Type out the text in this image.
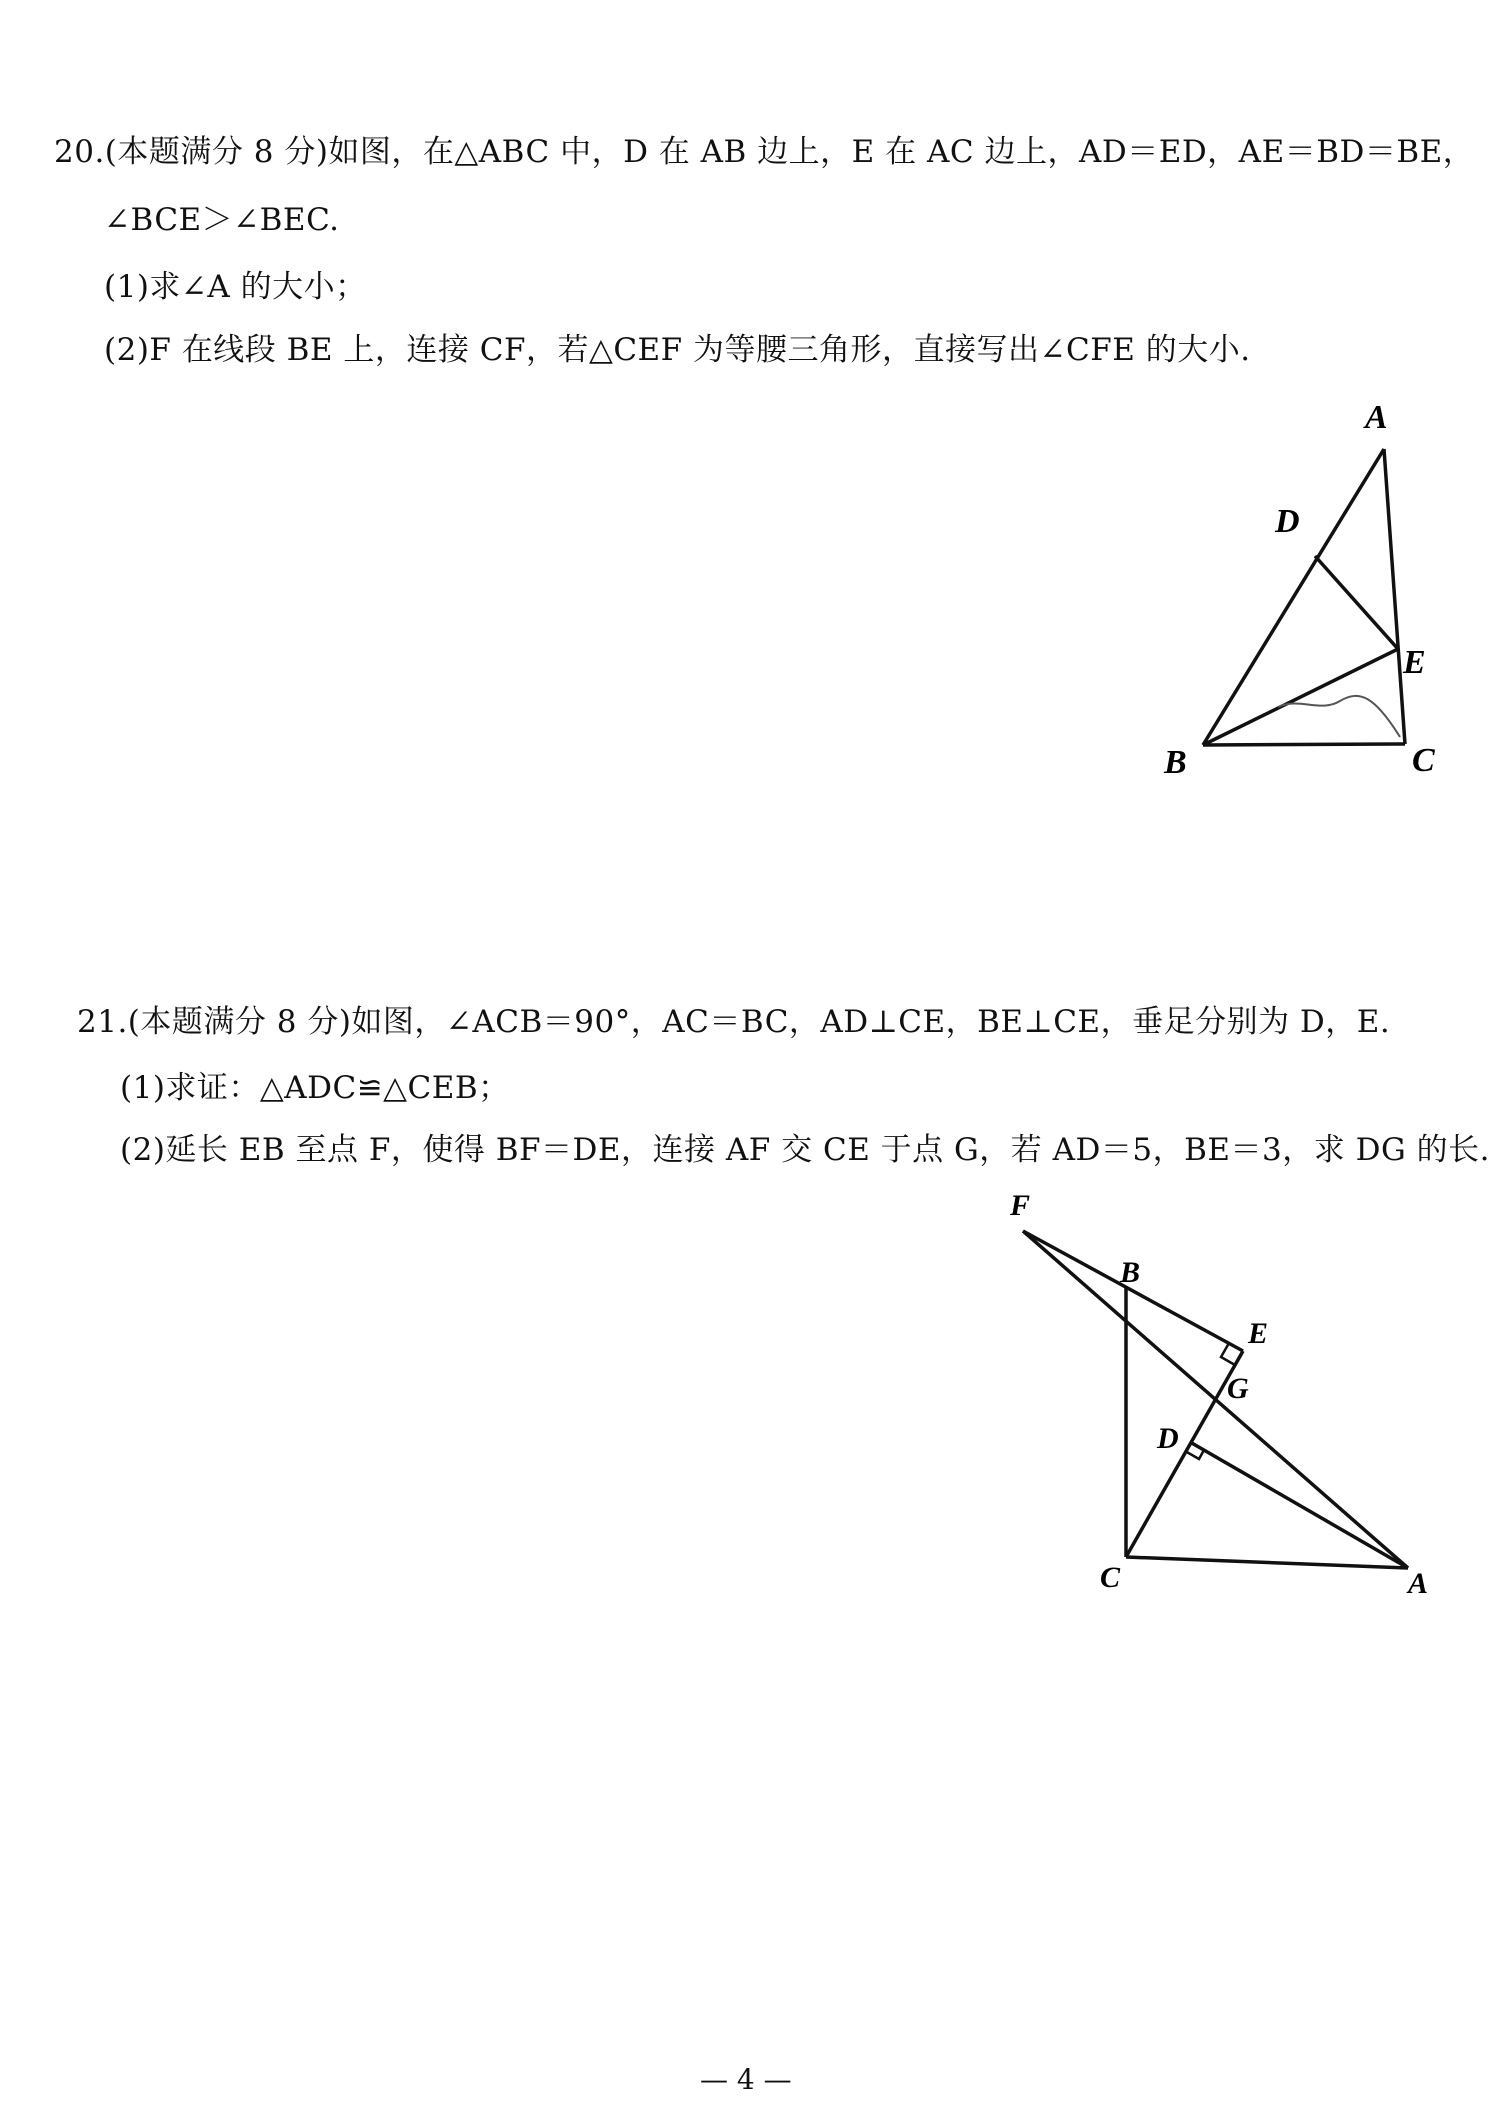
20.(本题满分 8 分)如图，在△ABC 中，D 在 AB 边上，E 在 AC 边上，AD＝ED，AE＝BD＝BE，
∠BCE＞∠BEC.
(1)求∠A 的大小；
(2)F 在线段 BE 上，连接 CF，若△CEF 为等腰三角形，直接写出∠CFE 的大小.
A
D
E
B	C
21.(本题满分 8 分)如图，∠ACB＝90°，AC＝BC，AD⊥CE，BE⊥CE，垂足分别为 D，E.
(1)求证：△ADC≌△CEB；
(2)延长 EB 至点 F，使得 BF＝DE，连接 AF 交 CE 于点 G，若 AD＝5，BE＝3，求 DG 的长.
F
B
E
G
D
C	A
— 4 —
